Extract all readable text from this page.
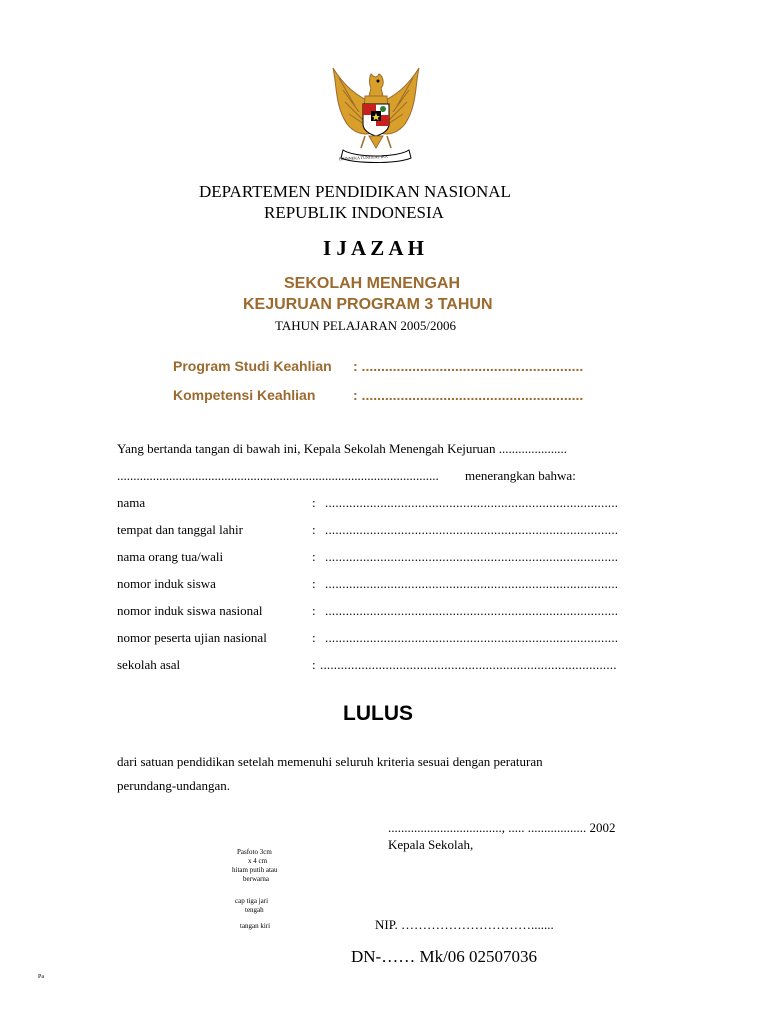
BHINNEKA TUNGGAL IKA
DEPARTEMEN PENDIDIKAN NASIONAL
REPUBLIK INDONESIA
I J A Z A H
SEKOLAH MENENGAH
KEJURUAN PROGRAM 3 TAHUN
TAHUN PELAJARAN 2005/2006
Program Studi Keahlian : .........................................................
Kompetensi Keahlian	: .........................................................
Yang bertanda tangan di bawah ini, Kepala Sekolah Menengah Kejuruan .....................
................................................................................................... menerangkan bahwa:
nama	: .....................................................................................
tempat dan tanggal lahir	: .....................................................................................
nama orang tua/wali	: .....................................................................................
nomor induk siswa	: .....................................................................................
nomor induk siswa nasional	: .....................................................................................
nomor peserta ujian nasional	: .....................................................................................
sekolah asal	: ......................................................................................
LULUS
dari satuan pendidikan setelah memenuhi seluruh kriteria sesuai dengan peraturan
perundang-undangan.
..................................., ..... .................. 2002
Kepala Sekolah,
Pasfoto 3cm
x 4 cm
hitam putih atau
berwarna
cap tiga jari
tengah
tangan kiri	NIP. ………………………….......
DN-…… Mk/06 02507036
Pa
